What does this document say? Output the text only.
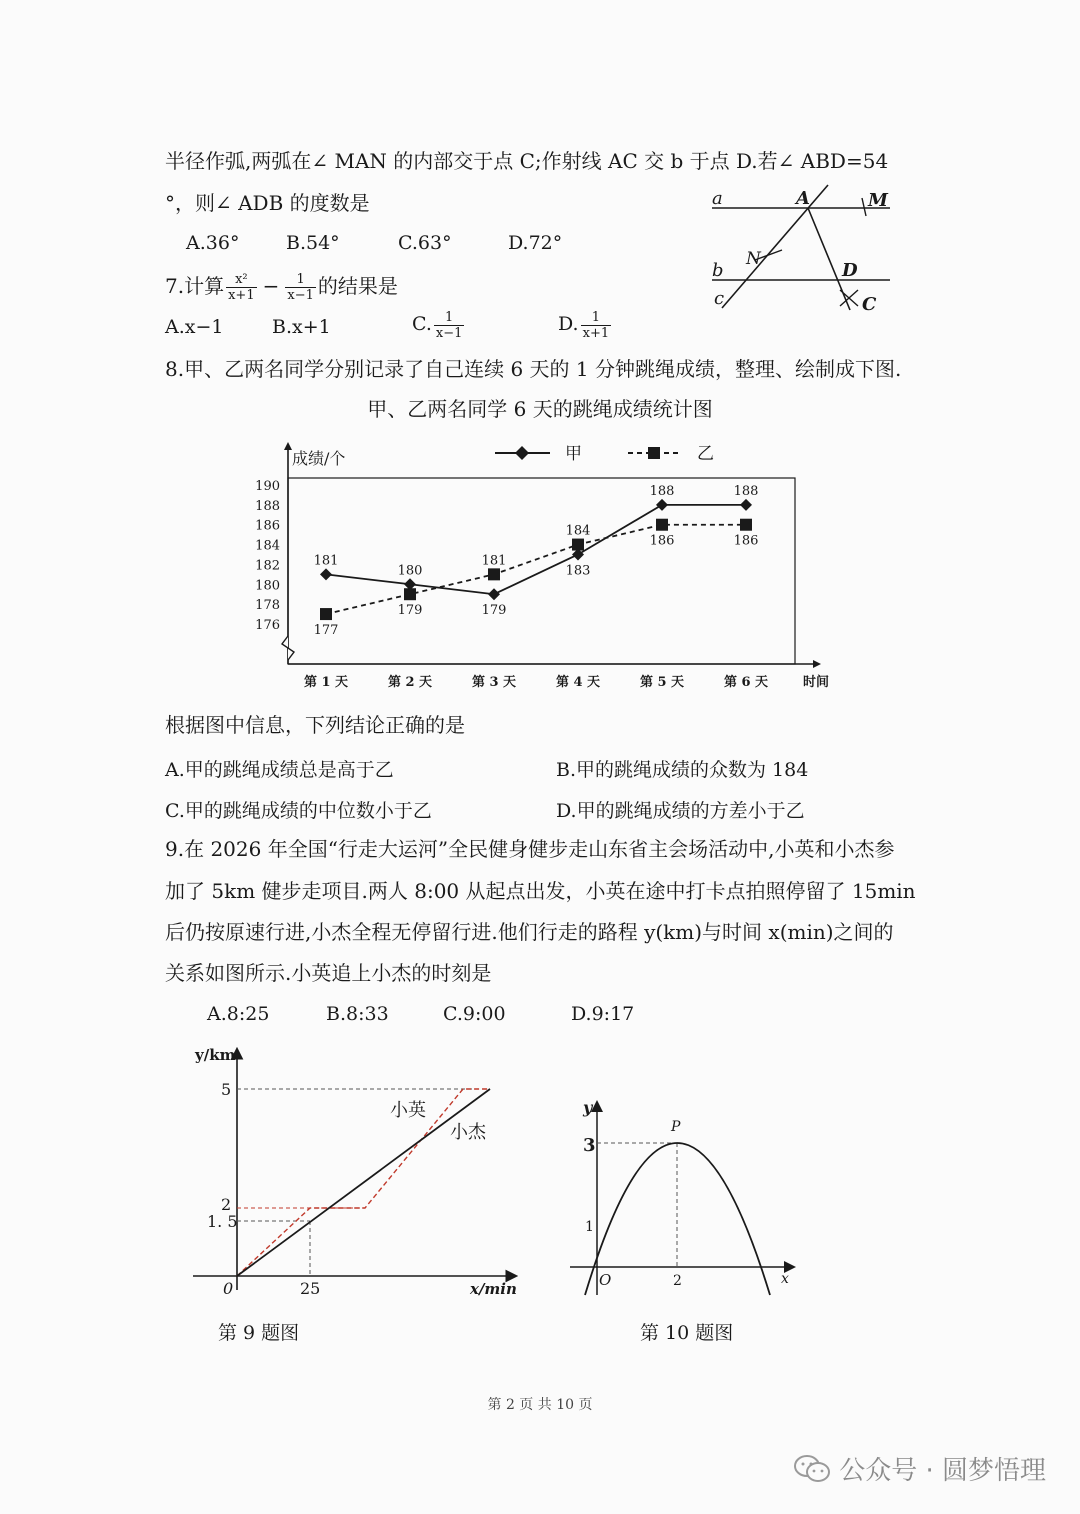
半径作弧,两弧在∠ MAN 的内部交于点 C;作射线 AC 交 b 于点 D.若∠ ABD=54
°，则∠ ADB 的度数是
A.36° B.54°	C.63°	D.72°
a	A	M
N
b	D
c	C
7.计算 $\frac{\text{x²}}{x+1} - \frac{1}{x-1}$ 的结果是
A.x−1	B.x+1	C. $\frac{1}{x-1}$	D. $\frac{1}{x+1}$
8.甲、乙两名同学分别记录了自己连续 6 天的 1 分钟跳绳成绩，整理、绘制成下图.
甲、乙两名同学 6 天的跳绳成绩统计图
176
178
180
182
184
186
188
190
成绩/个
第 1 天	第 2 天	第 3 天	第 4 天	第 5 天	第 6 天	时间
甲	乙
181
180
179
183
188	188
177
179
181
184
186	186
根据图中信息，下列结论正确的是
A.甲的跳绳成绩总是高于乙	B.甲的跳绳成绩的众数为 184
C.甲的跳绳成绩的中位数小于乙	D.甲的跳绳成绩的方差小于乙
9.在 2026 年全国“行走大运河”全民健身健步走山东省主会场活动中,小英和小杰参
加了 5km 健步走项目.两人 8:00 从起点出发，小英在途中打卡点拍照停留了 15min
后仍按原速行进,小杰全程无停留行进.他们行走的路程 y(km)与时间 x(min)之间的
关系如图所示.小英追上小杰的时刻是
A.8:25	B.8:33	C.9:00	D.9:17
y/km
x/min
0
5
2
1. 5
25
小英
小杰
第 9 题图
y
x
O
P
3
1
2
第 10 题图
第 2 页 共 10 页
公众号 · 圆梦悟理
